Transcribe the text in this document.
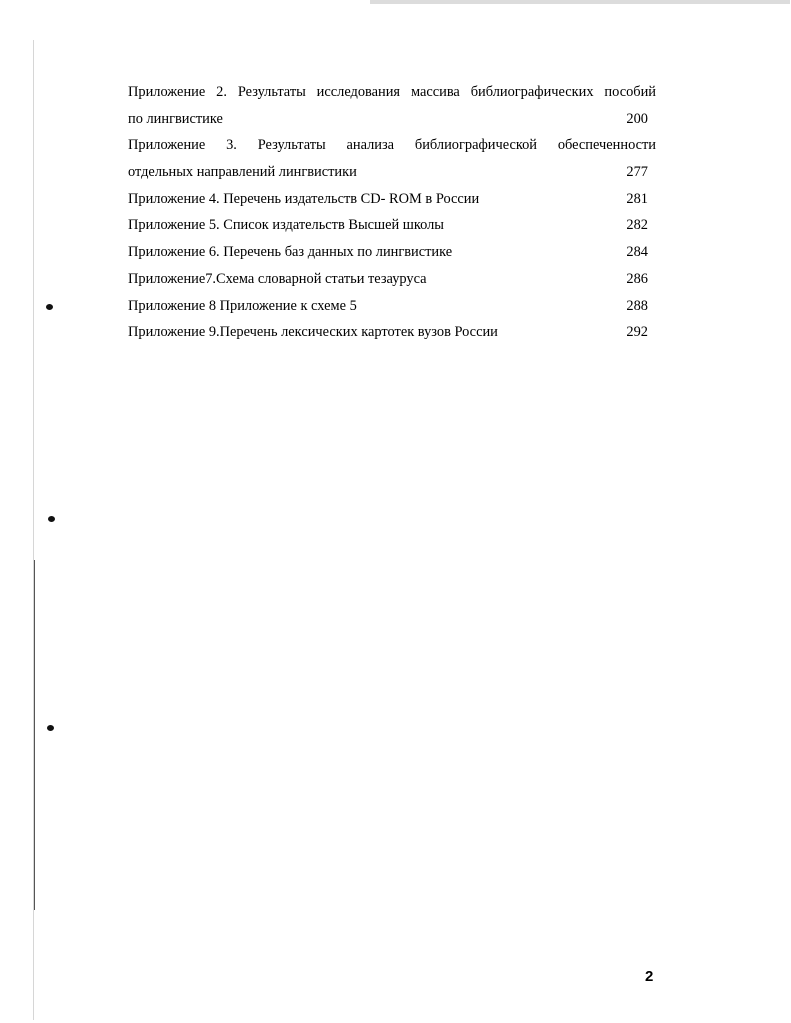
Приложение 2. Результаты исследования массива библиографических пособий
по лингвистике	200
Приложение 3. Результаты анализа библиографической обеспеченности
отдельных направлений лингвистики	277
Приложение 4. Перечень издательств CD- ROM в России	281
Приложение 5. Список издательств Высшей школы	282
Приложение 6. Перечень баз данных по лингвистике	284
Приложение7.Схема словарной статьи тезауруса	286
Приложение 8 Приложение к схеме 5	288
Приложение 9.Перечень лексических картотек вузов России	292
2
